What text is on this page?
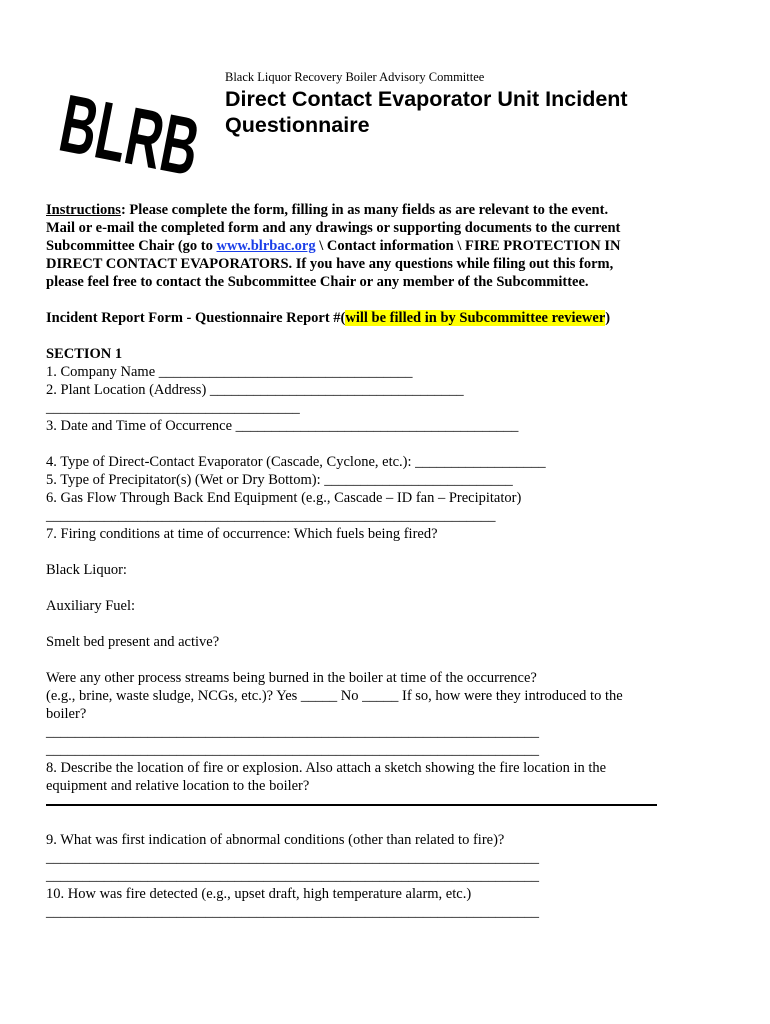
BLRB
Black Liquor Recovery Boiler Advisory Committee
Direct Contact Evaporator Unit Incident Questionnaire
Instructions: Please complete the form, filling in as many fields as are relevant to the event.
Mail or e-mail the completed form and any drawings or supporting documents to the current
Subcommittee Chair (go to www.blrbac.org \ Contact information \ FIRE PROTECTION IN
DIRECT CONTACT EVAPORATORS. If you have any questions while filing out this form,
please feel free to contact the Subcommittee Chair or any member of the Subcommittee.
Incident Report Form - Questionnaire Report #(will be filled in by Subcommittee reviewer)
SECTION 1
1. Company Name ___________________________________
2. Plant Location (Address) ___________________________________
___________________________________
3. Date and Time of Occurrence _______________________________________
4. Type of Direct-Contact Evaporator (Cascade, Cyclone, etc.): __________________
5. Type of Precipitator(s) (Wet or Dry Bottom): __________________________
6. Gas Flow Through Back End Equipment (e.g., Cascade – ID fan – Precipitator)
______________________________________________________________
7. Firing conditions at time of occurrence: Which fuels being fired?
Black Liquor:
Auxiliary Fuel:
Smelt bed present and active?
Were any other process streams being burned in the boiler at time of the occurrence?
(e.g., brine, waste sludge, NCGs, etc.)? Yes _____ No _____ If so, how were they introduced to the
boiler?
____________________________________________________________________
____________________________________________________________________
8. Describe the location of fire or explosion. Also attach a sketch showing the fire location in the
equipment and relative location to the boiler?
9. What was first indication of abnormal conditions (other than related to fire)?
____________________________________________________________________
____________________________________________________________________
10. How was fire detected (e.g., upset draft, high temperature alarm, etc.)
____________________________________________________________________
